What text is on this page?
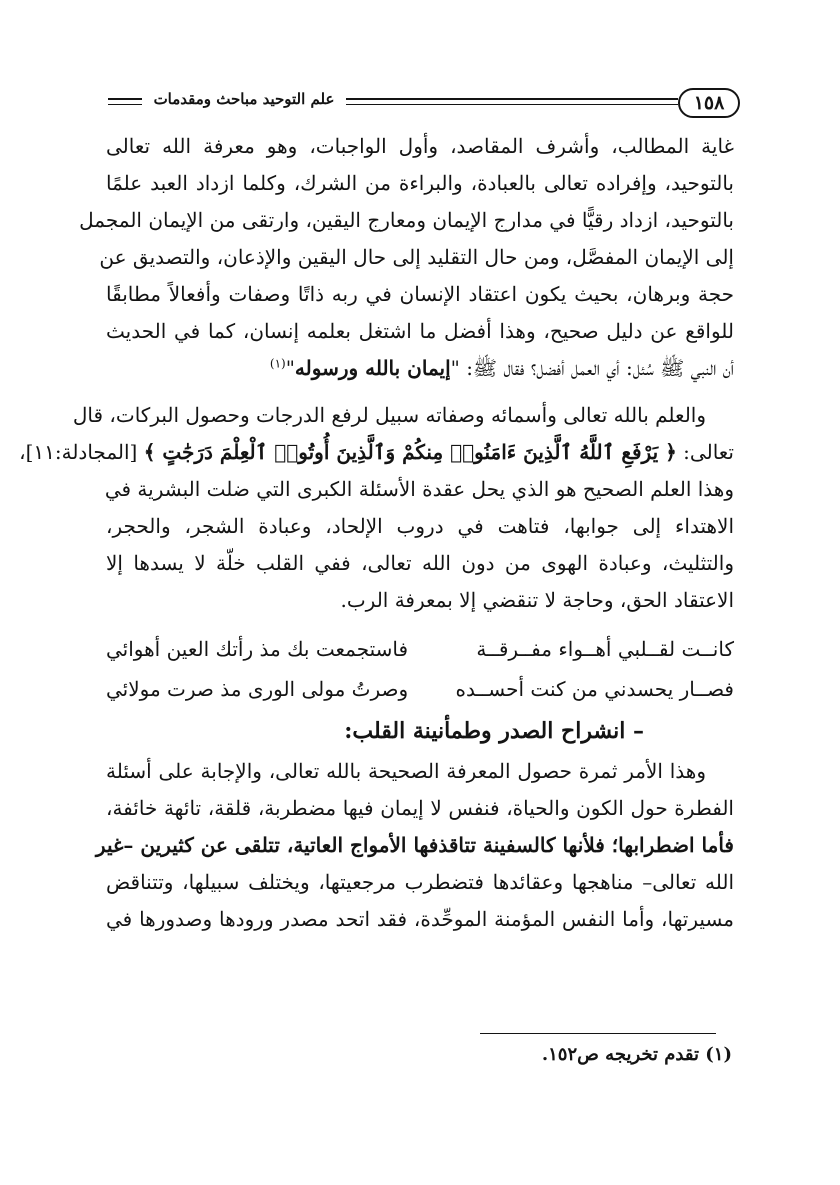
١٥٨
علم التوحيد مباحث ومقدمات
غاية المطالب، وأشرف المقاصد، وأول الواجبات، وهو معرفة الله تعالى
بالتوحيد، وإفراده تعالى بالعبادة، والبراءة من الشرك، وكلما ازداد العبد علمًا
بالتوحيد، ازداد رقيًّا في مدارج الإيمان ومعارج اليقين، وارتقى من الإيمان المجمل
إلى الإيمان المفصَّل، ومن حال التقليد إلى حال اليقين والإذعان، والتصديق عن
حجة وبرهان، بحيث يكون اعتقاد الإنسان في ربه ذاتًا وصفات وأفعالاً مطابقًا
للواقع عن دليل صحيح، وهذا أفضل ما اشتغل بعلمه إنسان، كما في الحديث
أن النبي ﷺ سُئل: أي العمل أفضل؟ فقال ﷺ: "إيمان بالله ورسوله"$^{(١)}$
والعلم بالله تعالى وأسمائه وصفاته سبيل لرفع الدرجات وحصول البركات، قال
تعالى: ﴿ يَرْفَعِ ٱللَّهُ ٱلَّذِينَ ءَامَنُوا۟ مِنكُمْ وَٱلَّذِينَ أُوتُوا۟ ٱلْعِلْمَ دَرَجَٰتٍ ﴾ [المجادلة:١١]،
وهذا العلم الصحيح هو الذي يحل عقدة الأسئلة الكبرى التي ضلت البشرية في
الاهتداء إلى جوابها، فتاهت في دروب الإلحاد، وعبادة الشجر، والحجر،
والتثليث، وعبادة الهوى من دون الله تعالى، ففي القلب خلّة لا يسدها إلا
الاعتقاد الحق، وحاجة لا تنقضي إلا بمعرفة الرب.
كانــت لقــلبي أهــواء مفــرقــة
فاستجمعت بك مذ رأتك العين أهوائي
فصــار يحسدني من كنت أحســده
وصرتُ مولى الورى مذ صرت مولائي
– انشراح الصدر وطمأنينة القلب:
وهذا الأمر ثمرة حصول المعرفة الصحيحة بالله تعالى، والإجابة على أسئلة
الفطرة حول الكون والحياة، فنفس لا إيمان فيها مضطربة، قلقة، تائهة خائفة،
فأما اضطرابها؛ فلأنها كالسفينة تتاقذفها الأمواج العاتية، تتلقى عن كثيرين –غير
الله تعالى– مناهجها وعقائدها فتضطرب مرجعيتها، ويختلف سبيلها، وتتناقض
مسيرتها، وأما النفس المؤمنة الموحِّدة، فقد اتحد مصدر ورودها وصدورها في
(١) تقدم تخريجه ص١٥٢.
